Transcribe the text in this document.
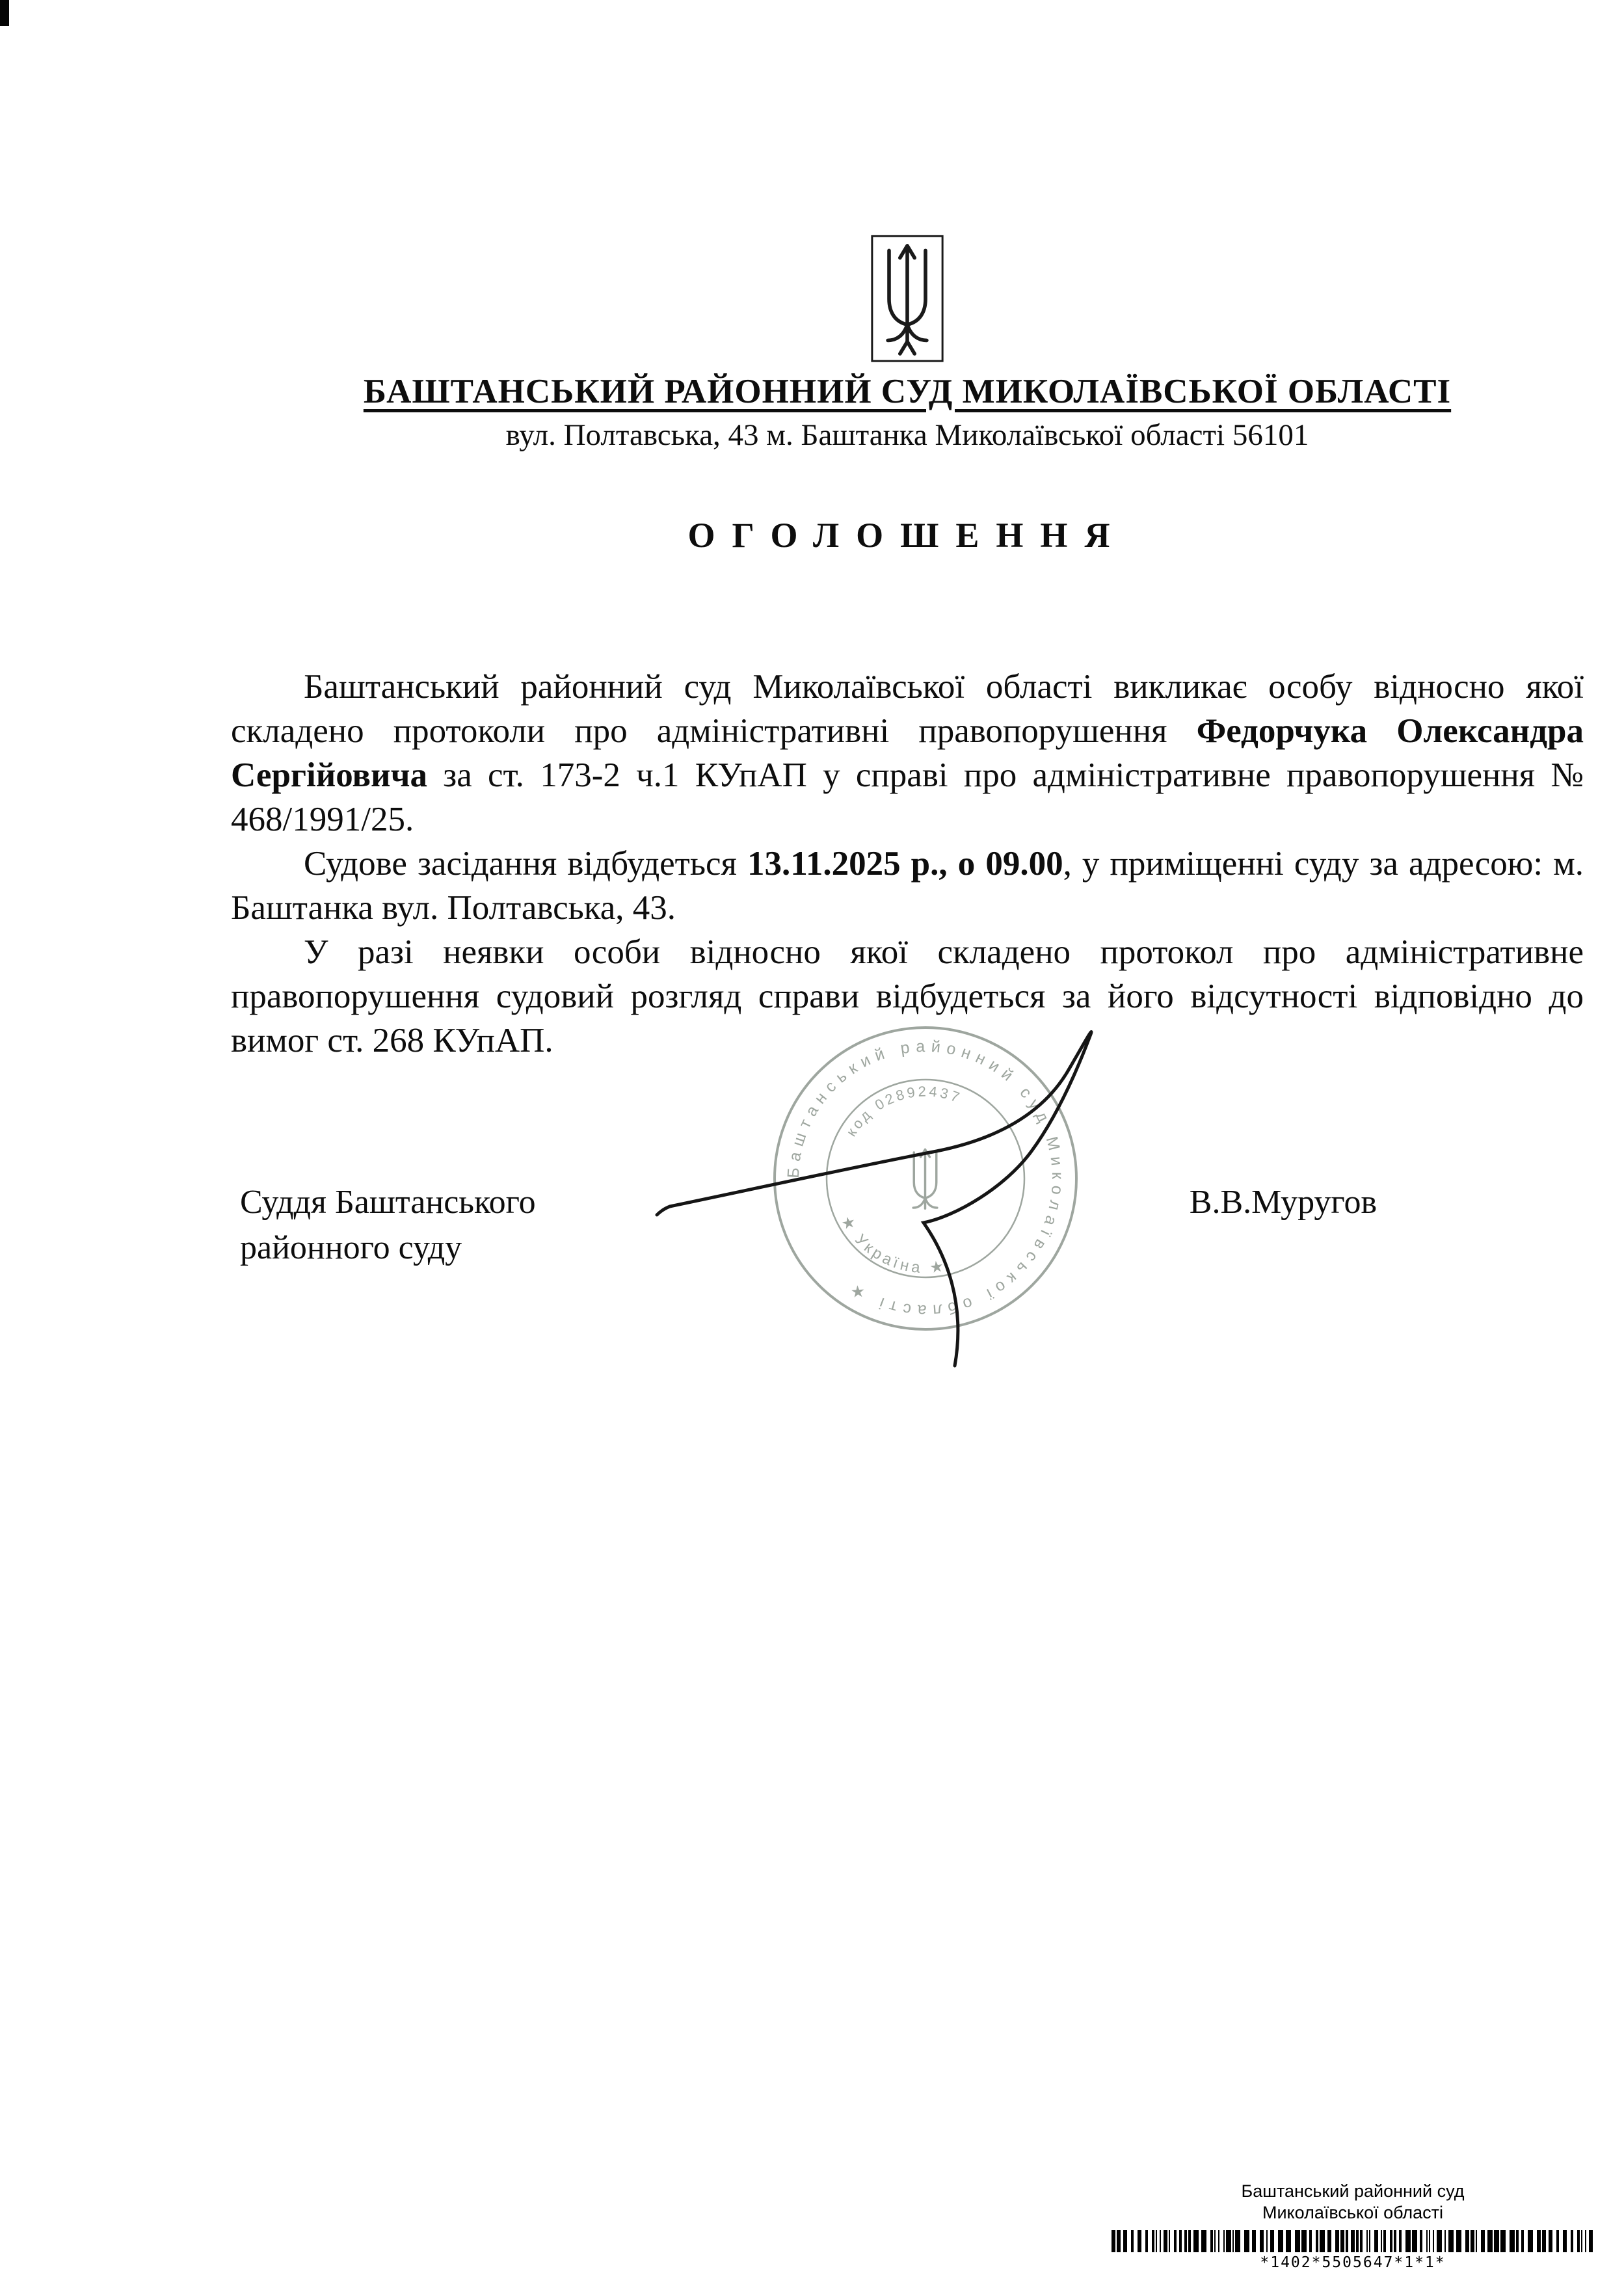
БАШТАНСЬКИЙ РАЙОННИЙ СУД МИКОЛАЇВСЬКОЇ ОБЛАСТІ
вул. Полтавська, 43 м. Баштанка Миколаївської області 56101
ОГОЛОШЕННЯ

Баштанський районний суд Миколаївської області викликає особу відносно якої складено протоколи про адміністративні правопорушення Федорчука Олександра Сергійовича за ст. 173-2 ч.1 КУпАП у справі про адміністративне правопорушення № 468/1991/25.

Судове засідання відбудеться 13.11.2025 р., о 09.00, у приміщенні суду за адресою: м. Баштанка вул. Полтавська, 43.

У разі неявки особи відносно якої складено протокол про адміністративне правопорушення судовий розгляд справи відбудеться за його відсутності відповідно до вимог ст. 268 КУпАП.

Суддя Баштанського
районного суду
В.В.Муругов
Баштанський районний суд Миколаївської області ★
код 02892437
★ Україна ★
Баштанський районний суд
Миколаївської області
*1402*5505647*1*1*
